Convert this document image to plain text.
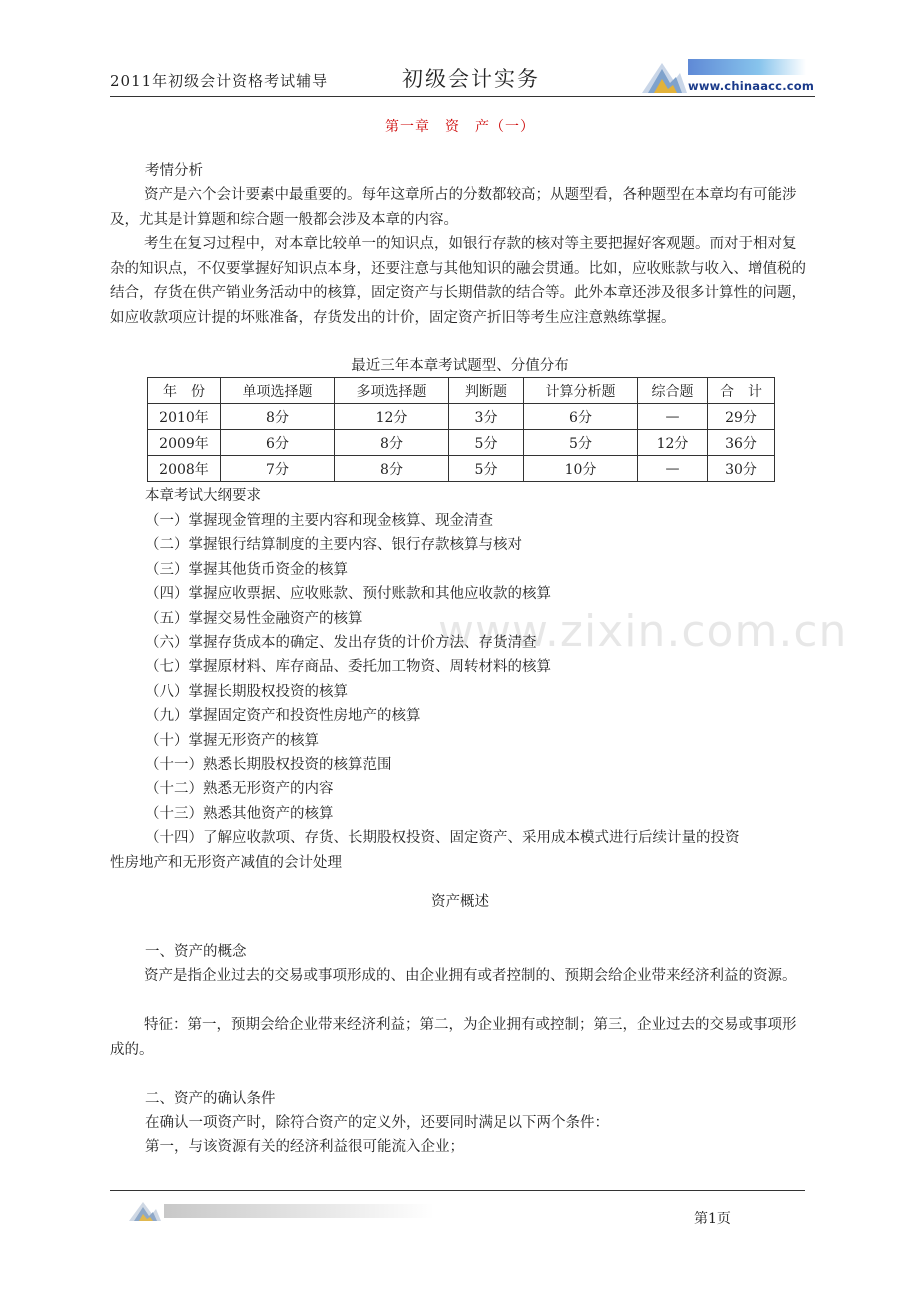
2011年初级会计资格考试辅导	初级会计实务	www.chinaacc.com
第一章　资　产（一）
考情分析

资产是六个会计要素中最重要的。每年这章所占的分数都较高；从题型看，各种题型在本章均有可能涉及，尤其是计算题和综合题一般都会涉及本章的内容。

考生在复习过程中，对本章比较单一的知识点，如银行存款的核对等主要把握好客观题。而对于相对复杂的知识点，不仅要掌握好知识点本身，还要注意与其他知识的融会贯通。比如，应收账款与收入、增值税的结合，存货在供产销业务活动中的核算，固定资产与长期借款的结合等。此外本章还涉及很多计算性的问题，如应收款项应计提的坏账准备，存货发出的计价，固定资产折旧等考生应注意熟练掌握。

最近三年本章考试题型、分值分布
年　份	单项选择题	多项选择题	判断题	计算分析题	综合题	合　计
2010年	8分	12分	3分	6分	—	29分
2009年	6分	8分	5分	5分	12分	36分
2008年	7分	8分	5分	10分	—	30分
本章考试大纲要求
（一）掌握现金管理的主要内容和现金核算、现金清查
（二）掌握银行结算制度的主要内容、银行存款核算与核对
（三）掌握其他货币资金的核算
（四）掌握应收票据、应收账款、预付账款和其他应收款的核算
（五）掌握交易性金融资产的核算
（六）掌握存货成本的确定、发出存货的计价方法、存货清查
（七）掌握原材料、库存商品、委托加工物资、周转材料的核算
（八）掌握长期股权投资的核算
（九）掌握固定资产和投资性房地产的核算
（十）掌握无形资产的核算
（十一）熟悉长期股权投资的核算范围
（十二）熟悉无形资产的内容
（十三）熟悉其他资产的核算
（十四）了解应收款项、存货、长期股权投资、固定资产、采用成本模式进行后续计量的投资
性房地产和无形资产减值的会计处理
www.zixin.com.cn
资产概述
一、资产的概念

资产是指企业过去的交易或事项形成的、由企业拥有或者控制的、预期会给企业带来经济利益的资源。

特征：第一，预期会给企业带来经济利益；第二，为企业拥有或控制；第三，企业过去的交易或事项形成的。

二、资产的确认条件
在确认一项资产时，除符合资产的定义外，还要同时满足以下两个条件：
第一，与该资源有关的经济利益很可能流入企业；
第1页
